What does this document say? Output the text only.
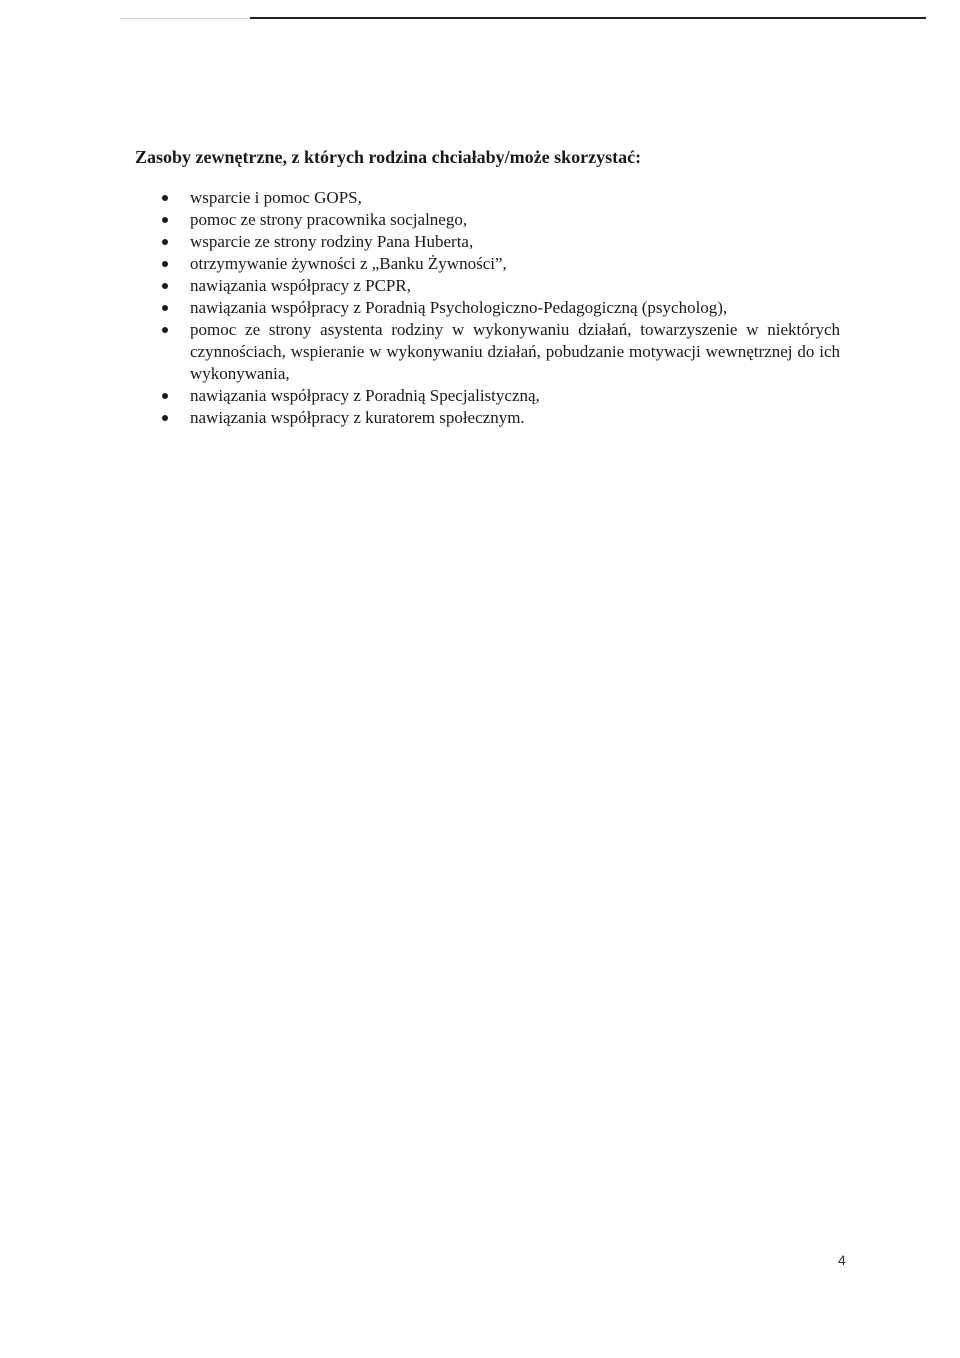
Zasoby zewnętrzne, z których rodzina chciałaby/może skorzystać:
wsparcie i pomoc GOPS,
pomoc ze strony pracownika socjalnego,
wsparcie ze strony rodziny Pana Huberta,
otrzymywanie żywności z „Banku Żywności”,
nawiązania współpracy z PCPR,
nawiązania współpracy z Poradnią Psychologiczno-Pedagogiczną (psycholog),
pomoc ze strony asystenta rodziny w wykonywaniu działań, towarzyszenie w niektórych czynnościach, wspieranie w wykonywaniu działań, pobudzanie motywacji wewnętrznej do ich wykonywania,
nawiązania współpracy z Poradnią Specjalistyczną,
nawiązania współpracy z kuratorem społecznym.
4
